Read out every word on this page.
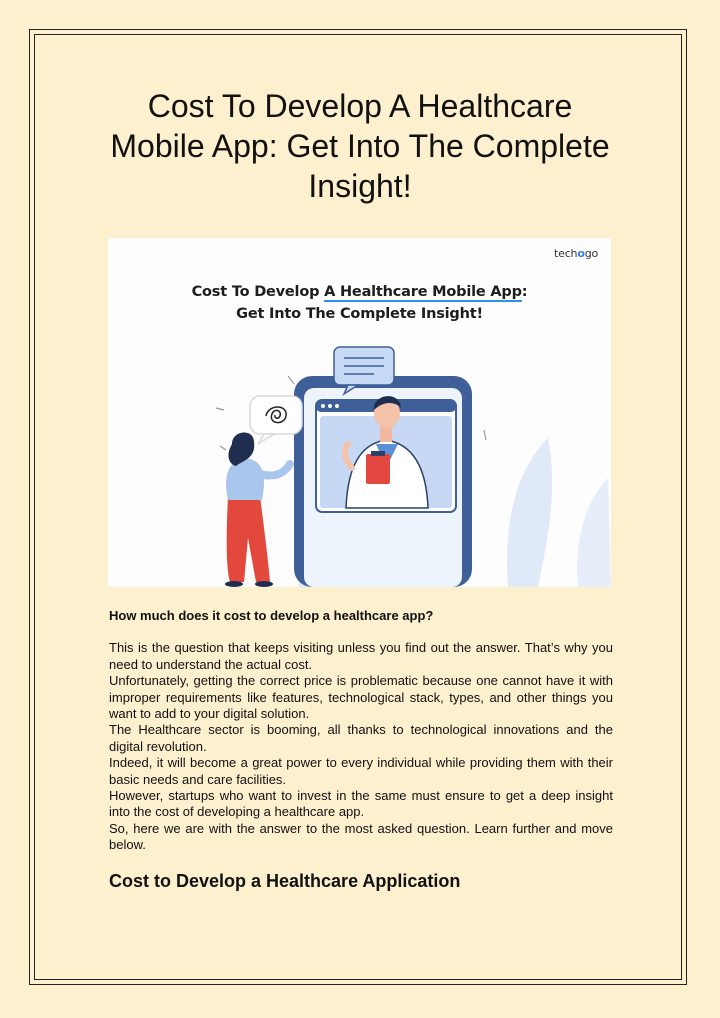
Cost To Develop A Healthcare Mobile App: Get Into The Complete Insight!
techogo
Cost To Develop A Healthcare Mobile App:
Get Into The Complete Insight!

How much does it cost to develop a healthcare app?

This is the question that keeps visiting unless you find out the answer. That’s why you need to understand the actual cost.

Unfortunately, getting the correct price is problematic because one cannot have it with improper requirements like features, technological stack, types, and other things you want to add to your digital solution.

The Healthcare sector is booming, all thanks to technological innovations and the digital revolution.

Indeed, it will become a great power to every individual while providing them with their basic needs and care facilities.

However, startups who want to invest in the same must ensure to get a deep insight into the cost of developing a healthcare app.

So, here we are with the answer to the most asked question. Learn further and move below.

Cost to Develop a Healthcare Application
